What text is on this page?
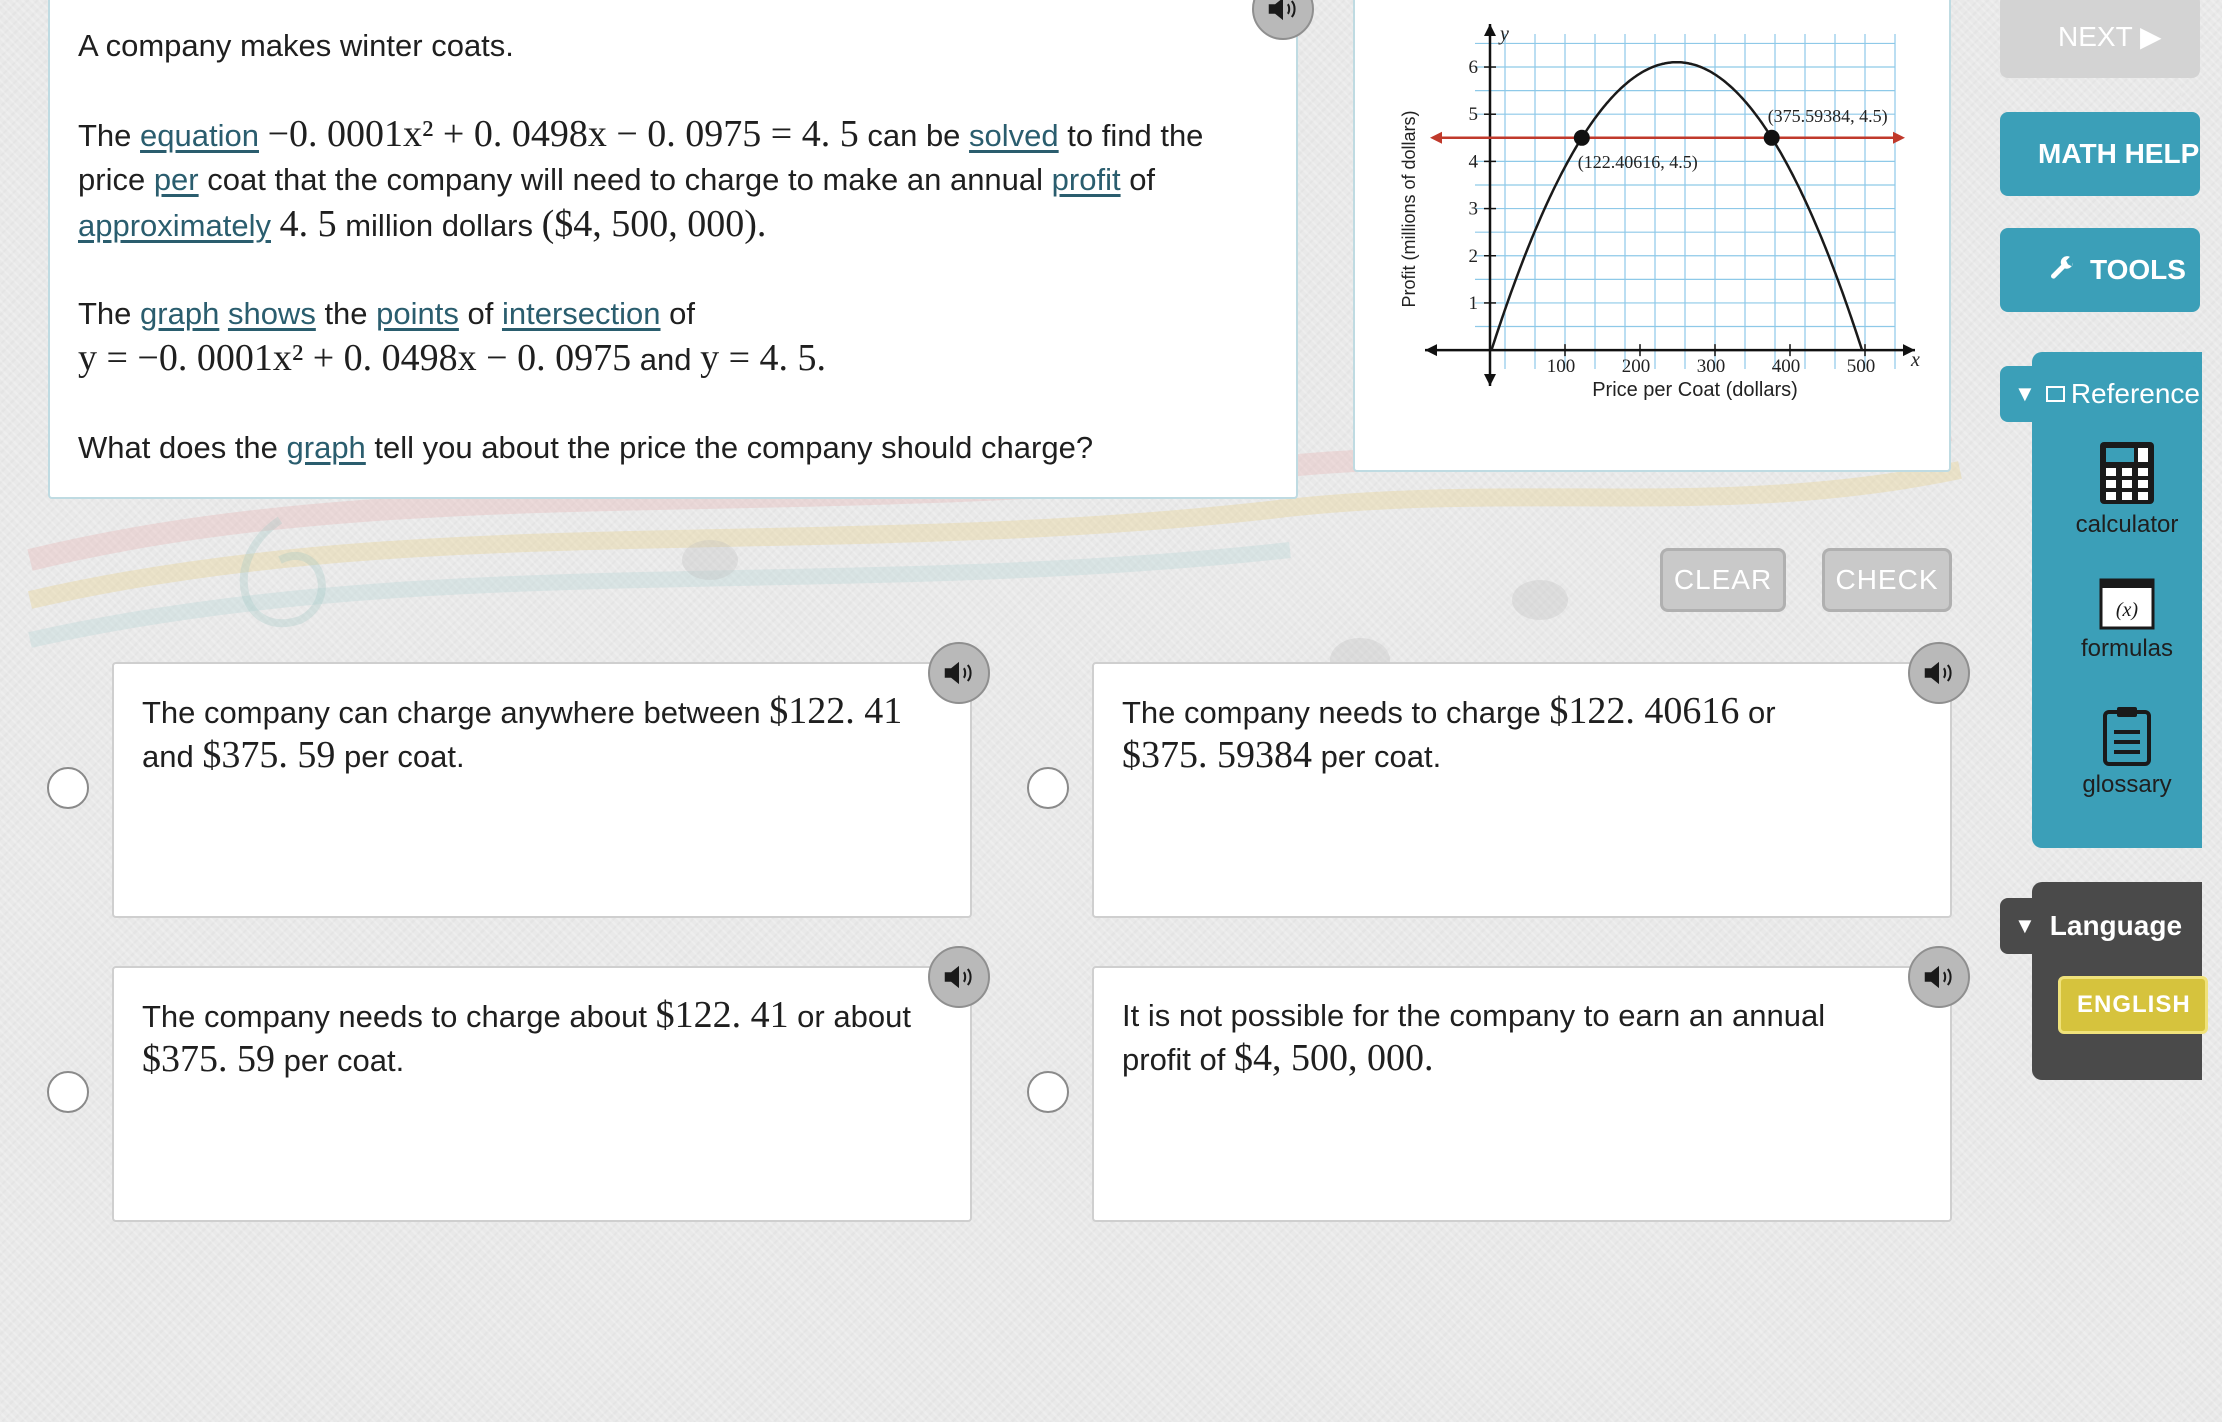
A company makes winter coats.
The equation −0. 0001x² + 0. 0498x − 0. 0975 = 4. 5 can be solved to find the
price per coat that the company will need to charge to make an annual profit of
approximately 4. 5 million dollars ($4, 500, 000).
The graph shows the points of intersection of
y = −0. 0001x² + 0. 0498x − 0. 0975 and y = 4. 5.
What does the graph tell you about the price the company should charge?
100 200 300 400 500
1
2
3
4
5
6
x
y
Price per Coat (dollars)
Profit (millions of dollars)	(122.40616, 4.5)
(375.59384, 4.5)
CLEAR	CHECK
The company can charge anywhere between $122. 41
and $375. 59 per coat.
The company needs to charge $122. 40616 or
$375. 59384 per coat.
The company needs to charge about $122. 41 or about
$375. 59 per coat.
It is not possible for the company to earn an annual
profit of $4, 500, 000.
NEXT ▶
MATH HELP
TOOLS
▼ Reference
calculator
(x)
formulas
glossary
▼ Language
ENGLISH
